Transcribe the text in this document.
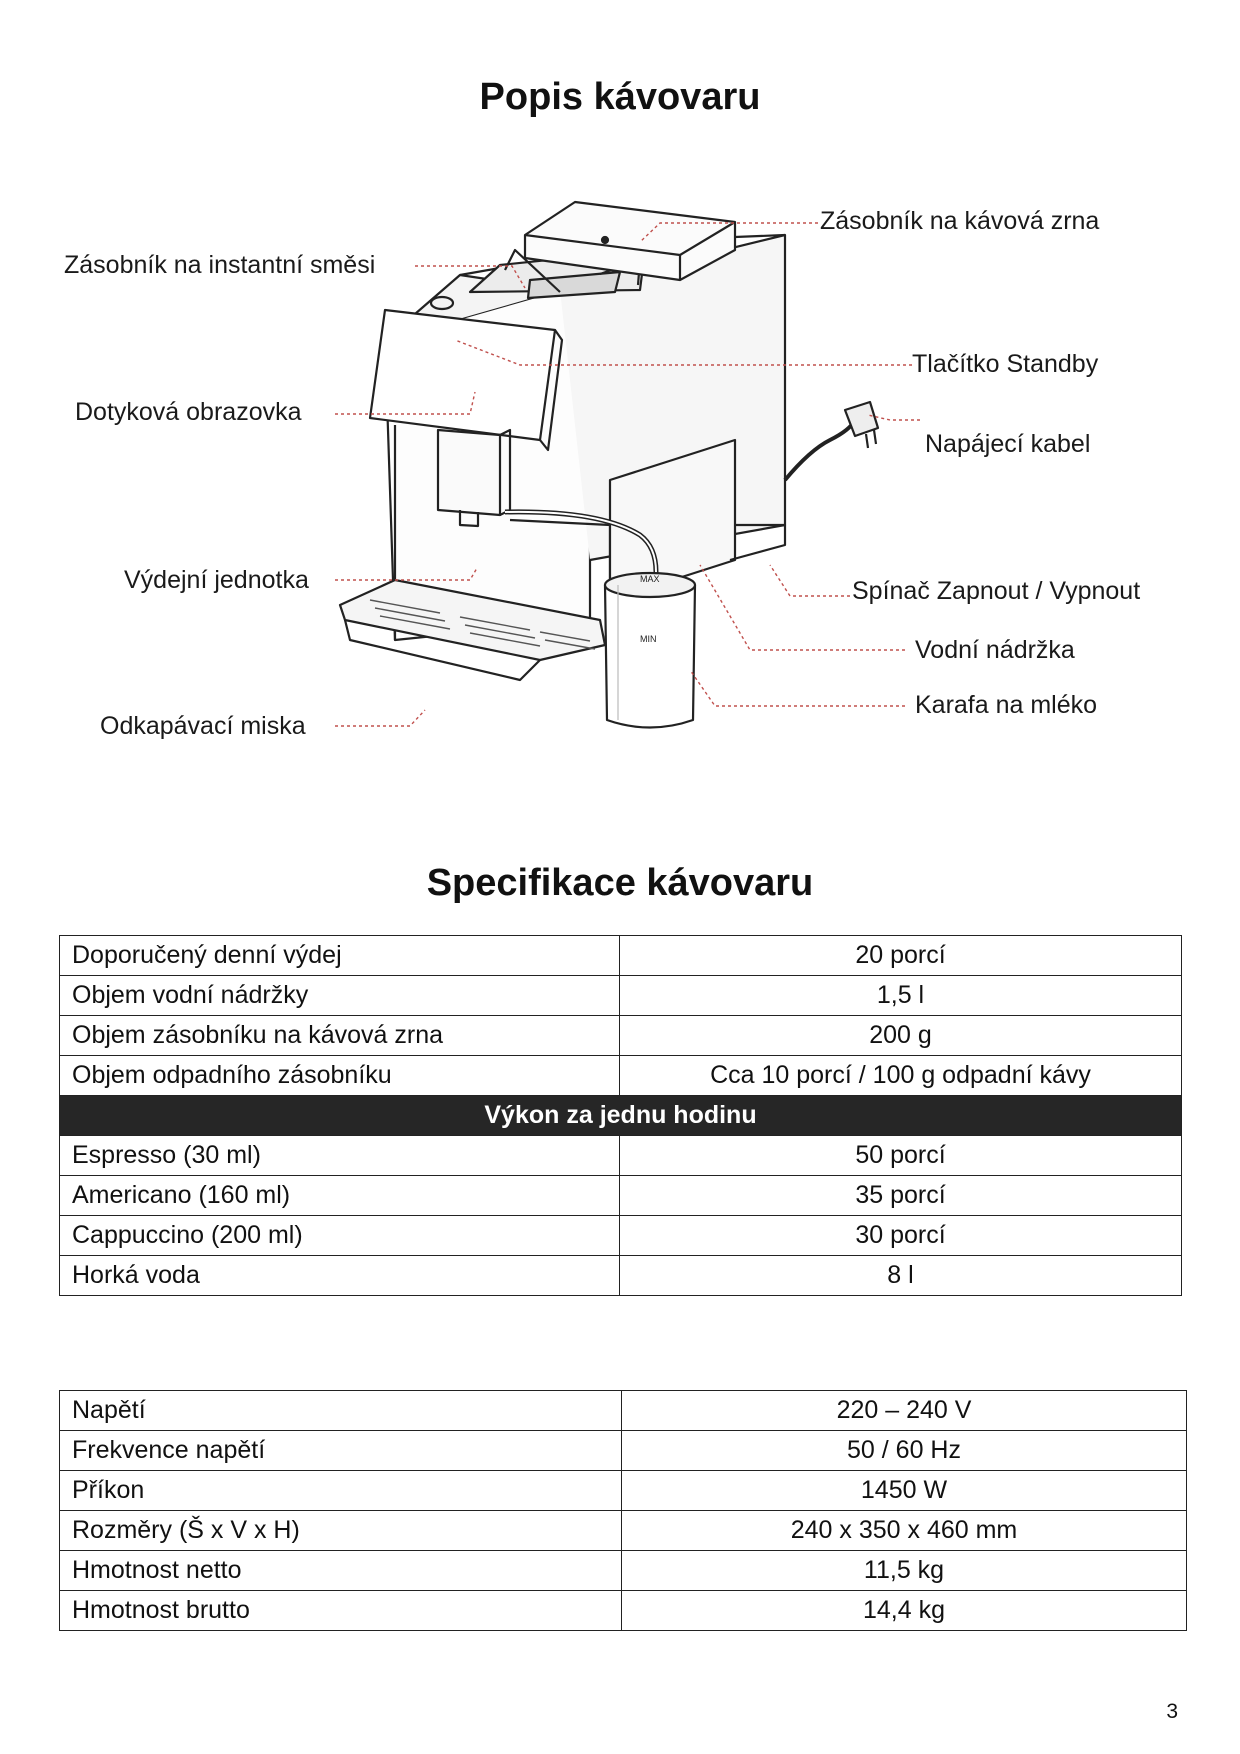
Popis kávovaru
MAX
MIN
Zásobník na kávová zrna
Zásobník na instantní směsi
Tlačítko Standby
Dotyková obrazovka
Napájecí kabel
Výdejní jednotka	Spínač Zapnout / Vypnout
Vodní nádržka
Odkapávací miska
Karafa na mléko
Specifikace kávovaru
Doporučený denní výdej	20 porcí
Objem vodní nádržky	1,5 l
Objem zásobníku na kávová zrna	200 g
Objem odpadního zásobníku	Cca 10 porcí / 100 g odpadní kávy
Výkon za jednu hodinu	
Espresso (30 ml)	50 porcí
Americano (160 ml)	35 porcí
Cappuccino (200 ml)	30 porcí
Horká voda	8 l
Napětí	220 – 240 V
Frekvence napětí	50 / 60 Hz
Příkon	1450 W
Rozměry (Š x V x H)	240 x 350 x 460 mm
Hmotnost netto	11,5 kg
Hmotnost brutto	14,4 kg
3
